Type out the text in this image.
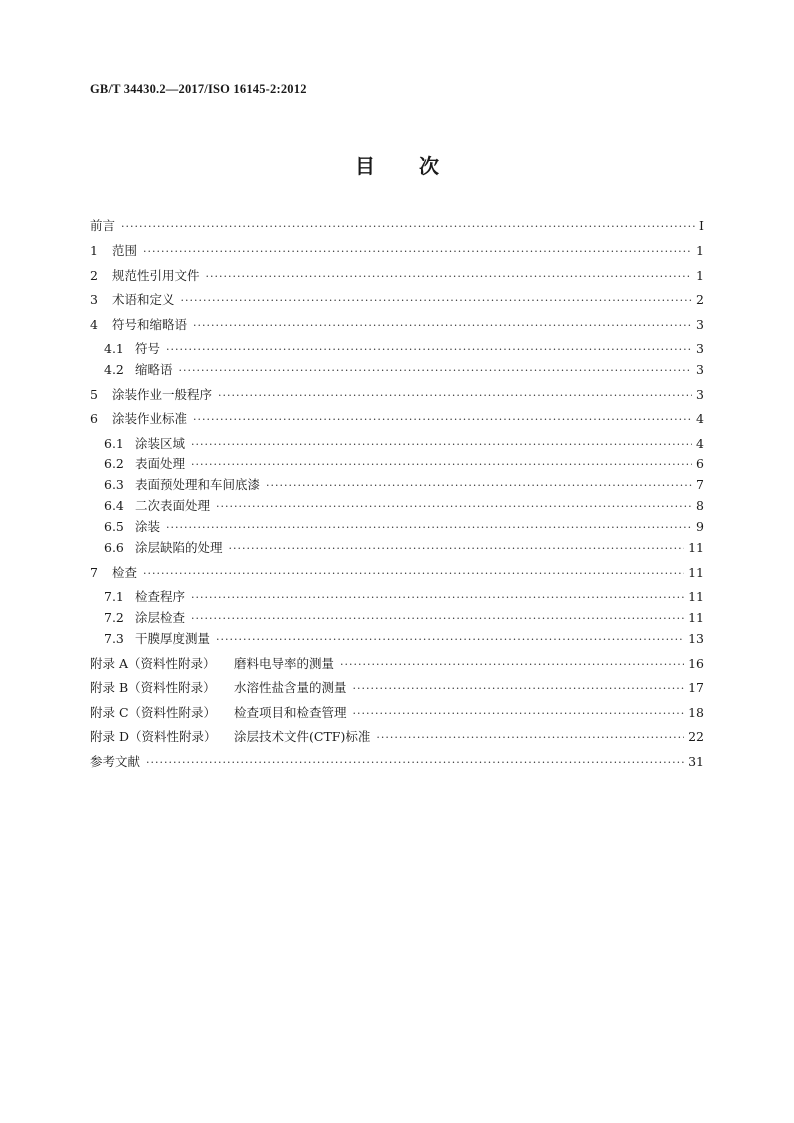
GB/T 34430.2—2017/ISO 16145-2:2012
目 次
前言 ·····	Ⅰ
1	范围 ·····	1
2	规范性引用文件 ·····	1
3	术语和定义 ·····	2
4	符号和缩略语 ·····	3
4.1 符号 ·····	3
4.2 缩略语 ·····	3
5	涂装作业一般程序 ·····	3
6	涂装作业标准 ·····	4
6.1 涂装区域 ·····	4
6.2 表面处理 ·····	6
6.3 表面预处理和车间底漆 ·····	7
6.4 二次表面处理 ·····	8
6.5 涂装 ·····	9
6.6 涂层缺陷的处理 ·····	11
7	检查 ·····	11
7.1 检查程序 ·····	11
7.2 涂层检查 ·····	11
7.3 干膜厚度测量 ·····	13
附录 A（资料性附录）	磨料电导率的测量 ·····	16
附录 B（资料性附录）	水溶性盐含量的测量 ·····	17
附录 C（资料性附录）	检查项目和检查管理 ·····	18
附录 D（资料性附录）	涂层技术文件(CTF)标准 ·····	22
参考文献 ·····	31
